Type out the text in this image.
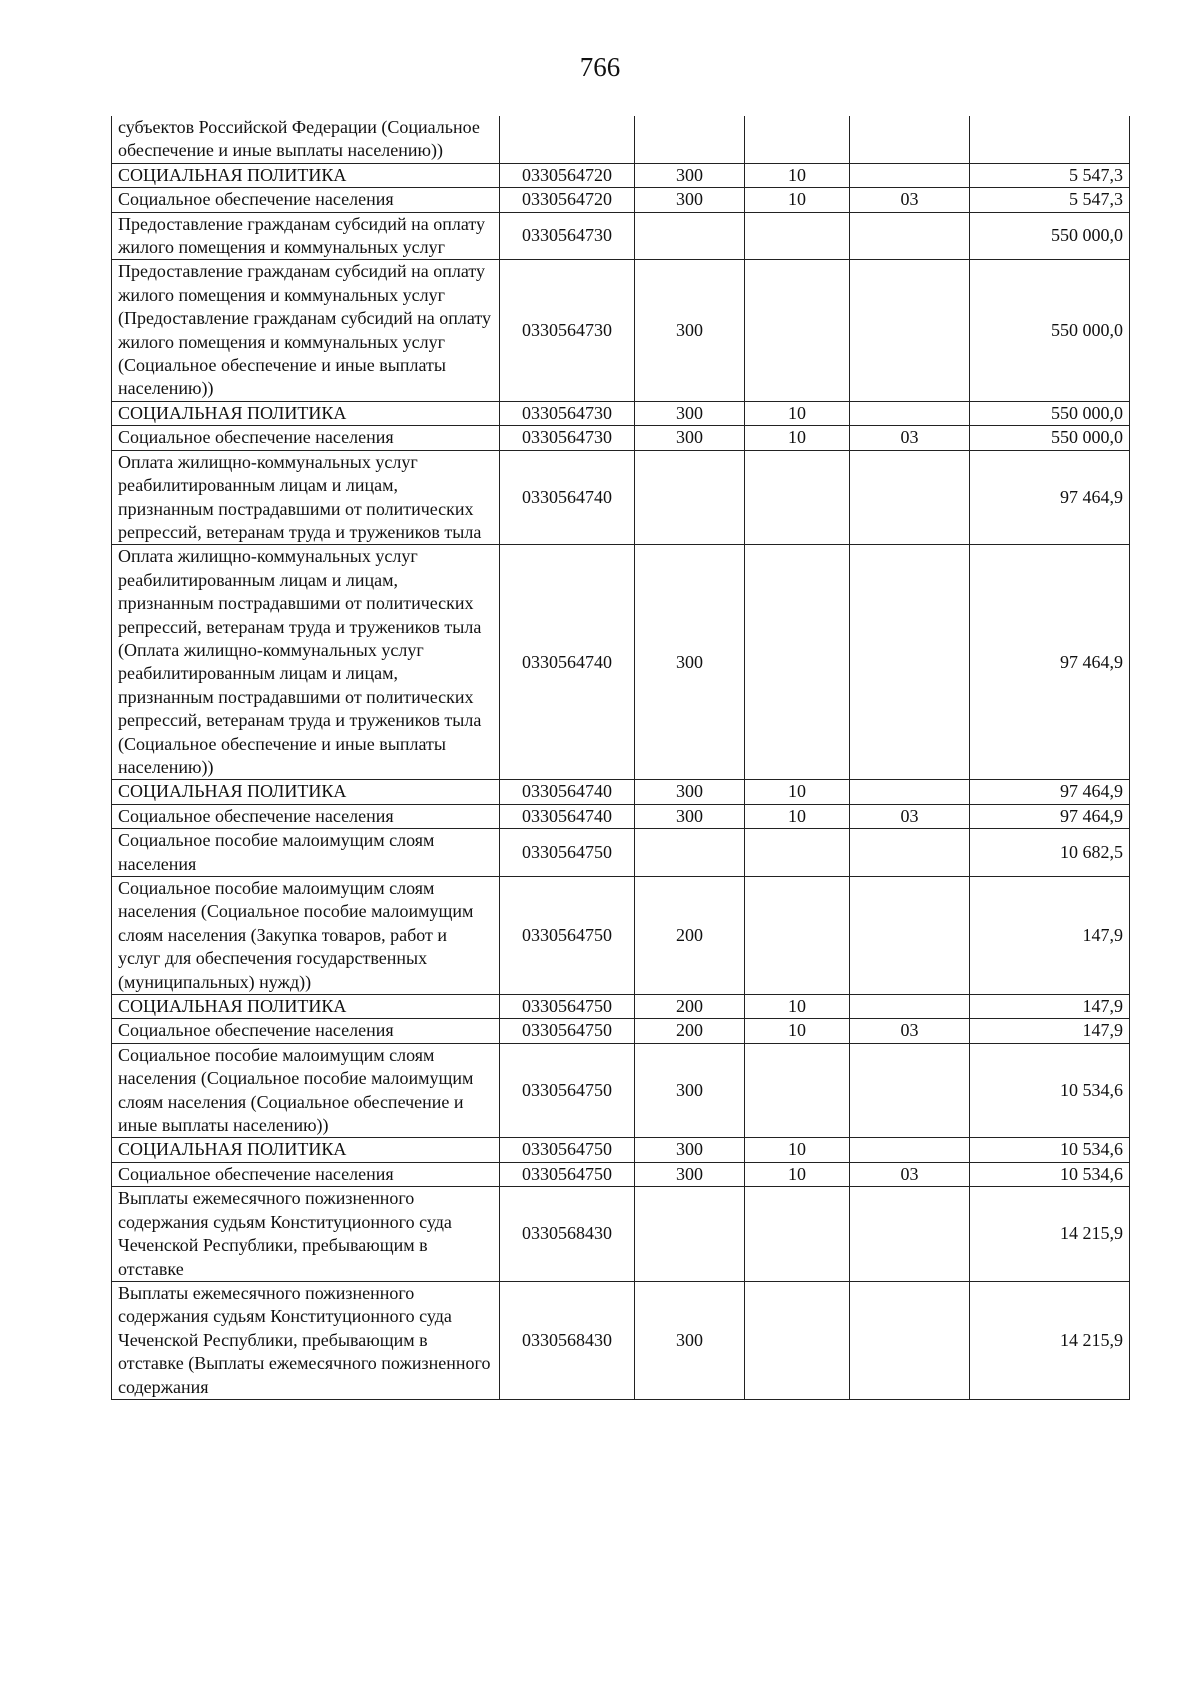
766
субъектов Российской Федерации (Социальное обеспечение и иные выплаты населению))					
СОЦИАЛЬНАЯ ПОЛИТИКА	0330564720	300	10		5 547,3
Социальное обеспечение населения	0330564720	300	10	03	5 547,3
Предоставление гражданам субсидий на оплату жилого помещения и коммунальных услуг	0330564730				550 000,0
Предоставление гражданам субсидий на оплату жилого помещения и коммунальных услуг (Предоставление гражданам субсидий на оплату жилого помещения и коммунальных услуг (Социальное обеспечение и иные выплаты населению))	0330564730	300			550 000,0
СОЦИАЛЬНАЯ ПОЛИТИКА	0330564730	300	10		550 000,0
Социальное обеспечение населения	0330564730	300	10	03	550 000,0
Оплата жилищно-коммунальных услуг реабилитированным лицам и лицам, признанным пострадавшими от политических репрессий, ветеранам труда и тружеников тыла	0330564740				97 464,9
Оплата жилищно-коммунальных услуг реабилитированным лицам и лицам, признанным пострадавшими от политических репрессий, ветеранам труда и тружеников тыла (Оплата жилищно-коммунальных услуг реабилитированным лицам и лицам, признанным пострадавшими от политических репрессий, ветеранам труда и тружеников тыла (Социальное обеспечение и иные выплаты населению))	0330564740	300			97 464,9
СОЦИАЛЬНАЯ ПОЛИТИКА	0330564740	300	10		97 464,9
Социальное обеспечение населения	0330564740	300	10	03	97 464,9
Социальное пособие малоимущим слоям населения	0330564750				10 682,5
Социальное пособие малоимущим слоям населения (Социальное пособие малоимущим слоям населения (Закупка товаров, работ и услуг для обеспечения государственных (муниципальных) нужд))	0330564750	200			147,9
СОЦИАЛЬНАЯ ПОЛИТИКА	0330564750	200	10		147,9
Социальное обеспечение населения	0330564750	200	10	03	147,9
Социальное пособие малоимущим слоям населения (Социальное пособие малоимущим слоям населения (Социальное обеспечение и иные выплаты населению))	0330564750	300			10 534,6
СОЦИАЛЬНАЯ ПОЛИТИКА	0330564750	300	10		10 534,6
Социальное обеспечение населения	0330564750	300	10	03	10 534,6
Выплаты ежемесячного пожизненного содержания судьям Конституционного суда Чеченской Республики, пребывающим в отставке	0330568430				14 215,9
Выплаты ежемесячного пожизненного содержания судьям Конституционного суда Чеченской Республики, пребывающим в отставке (Выплаты ежемесячного пожизненного содержания	0330568430	300			14 215,9
